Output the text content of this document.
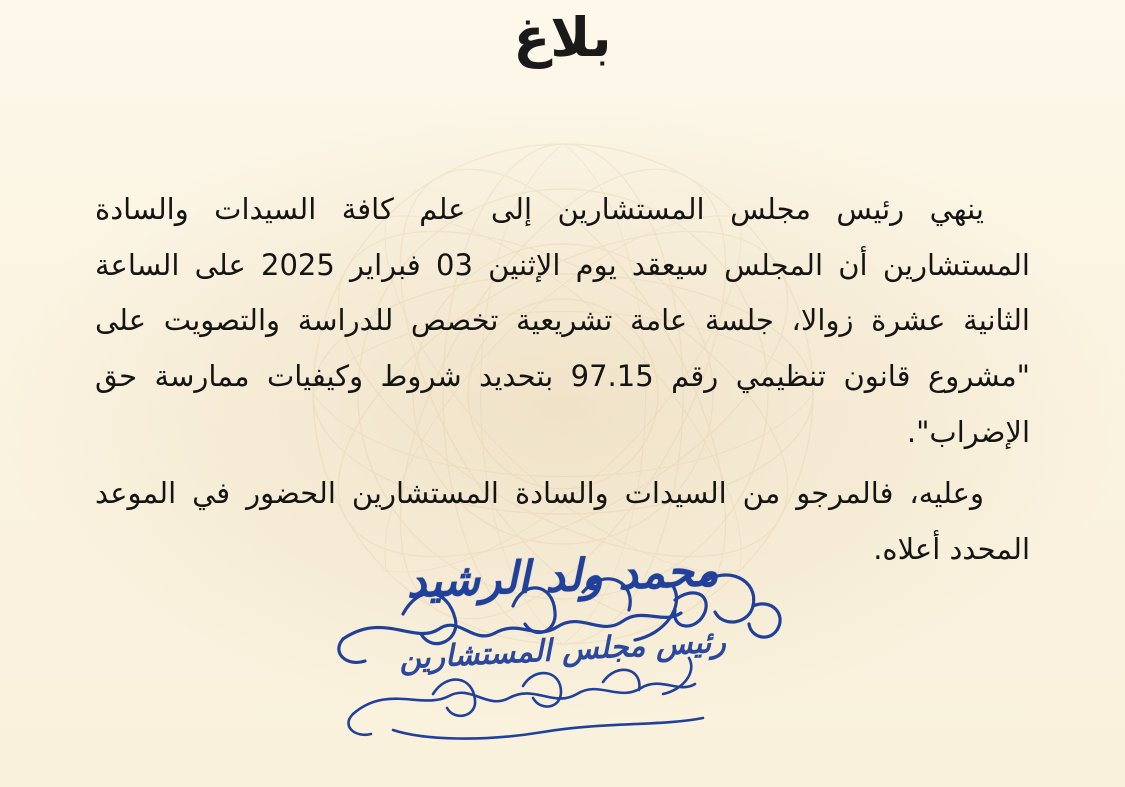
بلاغ

ينهي رئيس مجلس المستشارين إلى علم كافة السيدات والسادة المستشارين أن المجلس سيعقد يوم الإثنين 03 فبراير 2025 على الساعة الثانية عشرة زوالا، جلسة عامة تشريعية تخصص للدراسة والتصويت على "مشروع قانون تنظيمي رقم 97.15 بتحديد شروط وكيفيات ممارسة حق الإضراب".

وعليه، فالمرجو من السيدات والسادة المستشارين الحضور في الموعد المحدد أعلاه.

محمد ولد الرشيد
رئيس مجلس المستشارين
